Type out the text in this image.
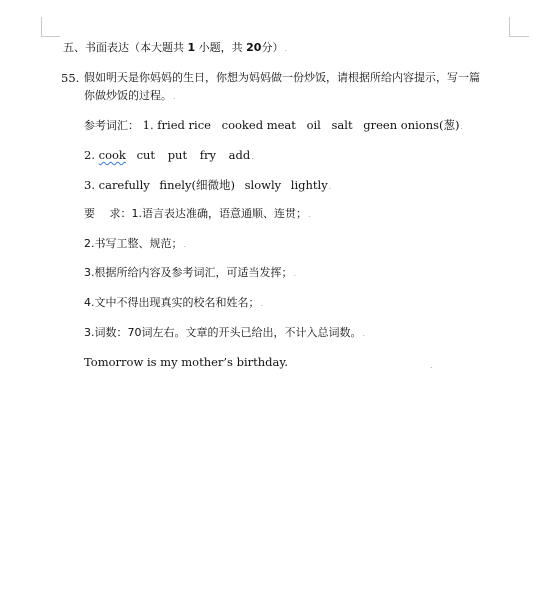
五、书面表达（本大题共 1 小题，共 20分）.
55. 假如明天是你妈妈的生日，你想为妈妈做一份炒饭，请根据所给内容提示，写一篇
你做炒饭的过程。.
参考词汇： 1. fried rice cooked meat oil salt green onions(葱).
2. cook cut put fry add.
3. carefully finely(细微地) slowly lightly.
要　 求：1.语言表达准确，语意通顺、连贯；.
2.书写工整、规范；.
3.根据所给内容及参考词汇，可适当发挥；.
4.文中不得出现真实的校名和姓名；.
3.词数：70词左右。文章的开头已给出，不计入总词数。.
Tomorrow is my mother’s birthday.	.
